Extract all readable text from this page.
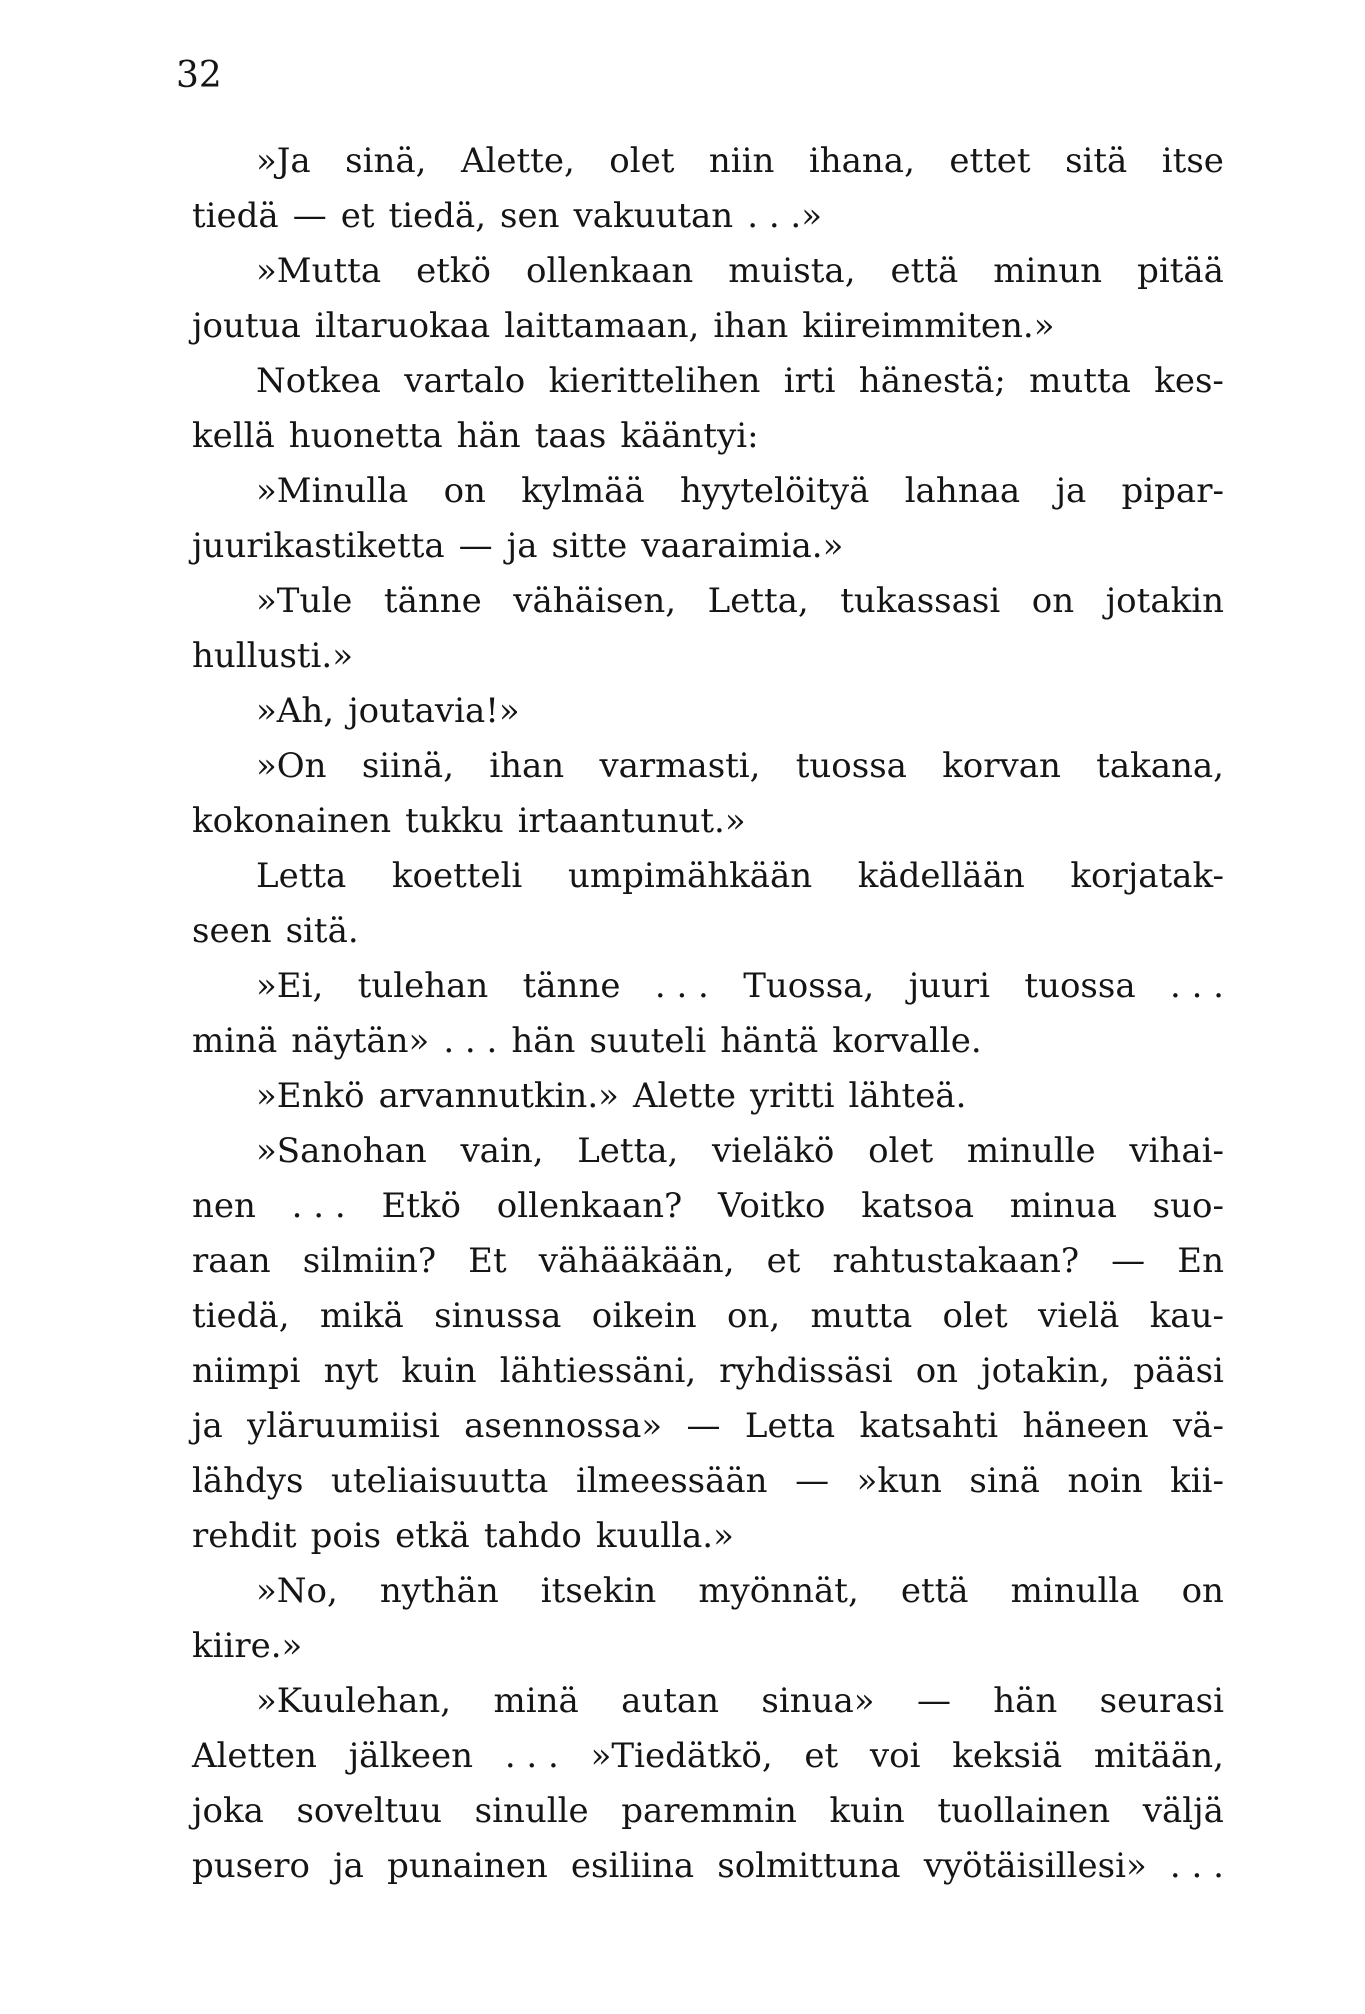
32
»Ja sinä, Alette, olet niin ihana, ettet sitä itse
tiedä — et tiedä, sen vakuutan . . .»
»Mutta etkö ollenkaan muista, että minun pitää
joutua iltaruokaa laittamaan, ihan kiireimmiten.»
Notkea vartalo kierittelihen irti hänestä; mutta kes-
kellä huonetta hän taas kääntyi:
»Minulla on kylmää hyytelöityä lahnaa ja pipar-
juurikastiketta — ja sitte vaaraimia.»
»Tule tänne vähäisen, Letta, tukassasi on jotakin
hullusti.»
»Ah, joutavia!»
»On siinä, ihan varmasti, tuossa korvan takana,
kokonainen tukku irtaantunut.»
Letta koetteli umpimähkään kädellään korjatak-
seen sitä.
»Ei, tulehan tänne . . . Tuossa, juuri tuossa . . .
minä näytän» . . . hän suuteli häntä korvalle.
»Enkö arvannutkin.» Alette yritti lähteä.
»Sanohan vain, Letta, vieläkö olet minulle vihai-
nen . . . Etkö ollenkaan? Voitko katsoa minua suo-
raan silmiin? Et vähääkään, et rahtustakaan? — En
tiedä, mikä sinussa oikein on, mutta olet vielä kau-
niimpi nyt kuin lähtiessäni, ryhdissäsi on jotakin, pääsi
ja yläruumiisi asennossa» — Letta katsahti häneen vä-
lähdys uteliaisuutta ilmeessään — »kun sinä noin kii-
rehdit pois etkä tahdo kuulla.»
»No, nythän itsekin myönnät, että minulla on
kiire.»
»Kuulehan, minä autan sinua» — hän seurasi
Aletten jälkeen . . . »Tiedätkö, et voi keksiä mitään,
joka soveltuu sinulle paremmin kuin tuollainen väljä
pusero ja punainen esiliina solmittuna vyötäisillesi» . . .
